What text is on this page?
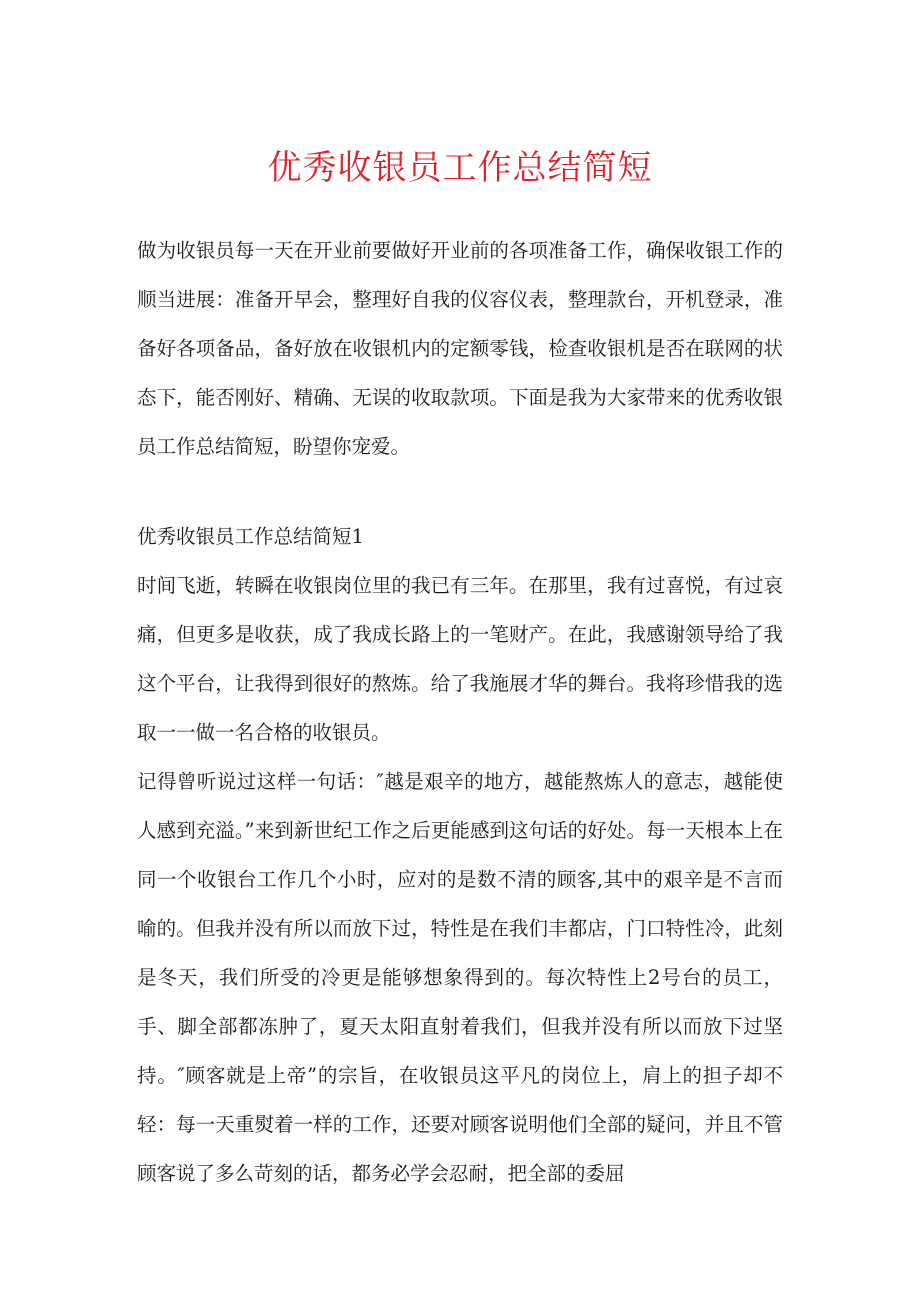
优秀收银员工作总结简短

做为收银员每一天在开业前要做好开业前的各项准备工作，确保收银工作的顺当进展：准备开早会，整理好自我的仪容仪表，整理款台，开机登录，准备好各项备品，备好放在收银机内的定额零钱，检查收银机是否在联网的状态下，能否刚好、精确、无误的收取款项。下面是我为大家带来的优秀收银员工作总结简短，盼望你宠爱。

优秀收银员工作总结简短1

时间飞逝，转瞬在收银岗位里的我已有三年。在那里，我有过喜悦，有过哀痛，但更多是收获，成了我成长路上的一笔财产。在此，我感谢领导给了我这个平台，让我得到很好的熬炼。给了我施展才华的舞台。我将珍惜我的选取一一做一名合格的收银员。

记得曾听说过这样一句话：″越是艰辛的地方，越能熬炼人的意志，越能使人感到充溢。”来到新世纪工作之后更能感到这句话的好处。每一天根本上在同一个收银台工作几个小时，应对的是数不清的顾客,其中的艰辛是不言而喻的。但我并没有所以而放下过，特性是在我们丰都店，门口特性冷，此刻是冬天，我们所受的冷更是能够想象得到的。每次特性上2号台的员工，手、脚全部都冻肿了，夏天太阳直射着我们，但我并没有所以而放下过坚持。″顾客就是上帝”的宗旨，在收银员这平凡的岗位上，肩上的担子却不轻：每一天重熨着一样的工作，还要对顾客说明他们全部的疑问，并且不管顾客说了多么苛刻的话，都务必学会忍耐，把全部的委屈
